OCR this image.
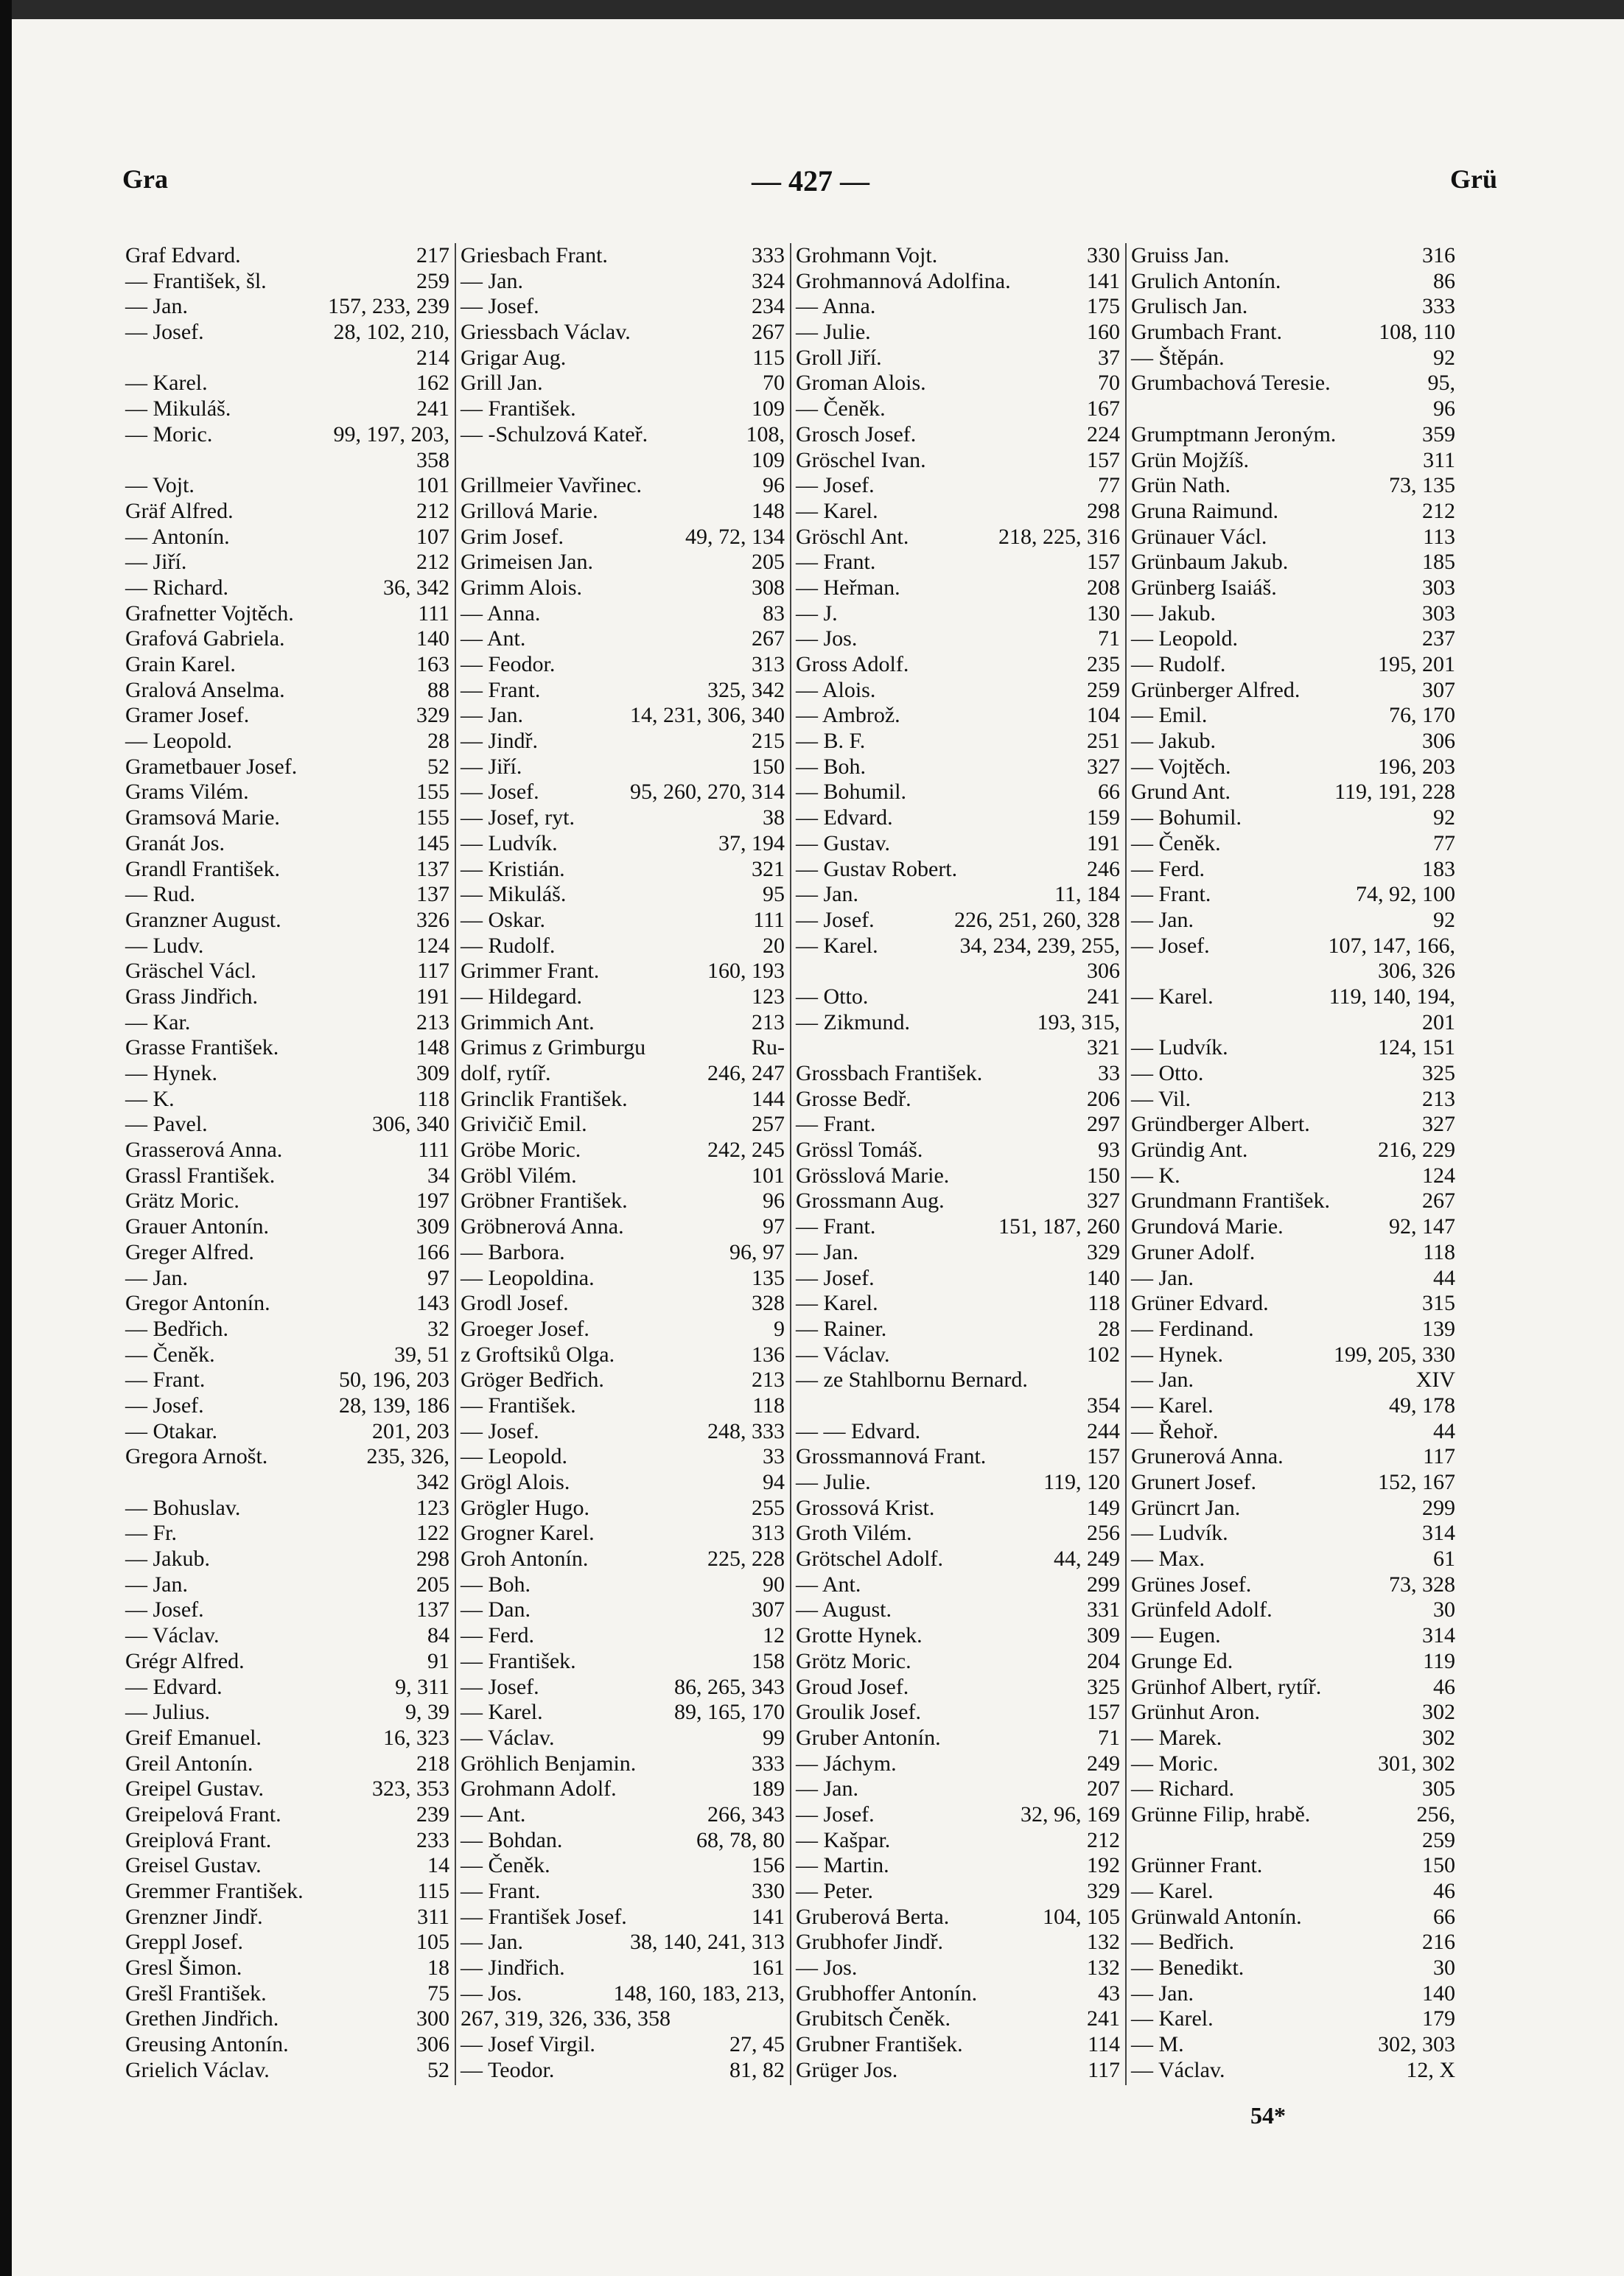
Gra	— 427 —	Grü
Graf Edvard.	217
— František, šl.	259
— Jan.	157, 233, 239
— Josef.	28, 102, 210,
214
— Karel.	162
— Mikuláš.	241
— Moric.	99, 197, 203,
358
— Vojt.	101
Gräf Alfred.	212
— Antonín.	107
— Jiří.	212
— Richard.	36, 342
Grafnetter Vojtěch.	111
Grafová Gabriela.	140
Grain Karel.	163
Gralová Anselma.	88
Gramer Josef.	329
— Leopold.	28
Grametbauer Josef.	52
Grams Vilém.	155
Gramsová Marie.	155
Granát Jos.	145
Grandl František.	137
— Rud.	137
Granzner August.	326
— Ludv.	124
Gräschel Václ.	117
Grass Jindřich.	191
— Kar.	213
Grasse František.	148
— Hynek.	309
— K.	118
— Pavel.	306, 340
Grasserová Anna.	111
Grassl František.	34
Grätz Moric.	197
Grauer Antonín.	309
Greger Alfred.	166
— Jan.	97
Gregor Antonín.	143
— Bedřich.	32
— Čeněk.	39, 51
— Frant.	50, 196, 203
— Josef.	28, 139, 186
— Otakar.	201, 203
Gregora Arnošt.	235, 326,
342
— Bohuslav.	123
— Fr.	122
— Jakub.	298
— Jan.	205
— Josef.	137
— Václav.	84
Grégr Alfred.	91
— Edvard.	9, 311
— Julius.	9, 39
Greif Emanuel.	16, 323
Greil Antonín.	218
Greipel Gustav.	323, 353
Greipelová Frant.	239
Greiplová Frant.	233
Greisel Gustav.	14
Gremmer František.	115
Grenzner Jindř.	311
Greppl Josef.	105
Gresl Šimon.	18
Grešl František.	75
Grethen Jindřich.	300
Greusing Antonín.	306
Grielich Václav.	52
Griesbach Frant.	333
— Jan.	324
— Josef.	234
Griessbach Václav.	267
Grigar Aug.	115
Grill Jan.	70
— František.	109
— -Schulzová Kateř.	108,
109
Grillmeier Vavřinec.	96
Grillová Marie.	148
Grim Josef.	49, 72, 134
Grimeisen Jan.	205
Grimm Alois.	308
— Anna.	83
— Ant.	267
— Feodor.	313
— Frant.	325, 342
— Jan.	14, 231, 306, 340
— Jindř.	215
— Jiří.	150
— Josef.	95, 260, 270, 314
— Josef, ryt.	38
— Ludvík.	37, 194
— Kristián.	321
— Mikuláš.	95
— Oskar.	111
— Rudolf.	20
Grimmer Frant.	160, 193
— Hildegard.	123
Grimmich Ant.	213
Grimus z Grimburgu	Ru-
dolf, rytíř.	246, 247
Grinclik František.	144
Grivičič Emil.	257
Gröbe Moric.	242, 245
Gröbl Vilém.	101
Gröbner František.	96
Gröbnerová Anna.	97
— Barbora.	96, 97
— Leopoldina.	135
Grodl Josef.	328
Groeger Josef.	9
z Groftsiků Olga.	136
Gröger Bedřich.	213
— František.	118
— Josef.	248, 333
— Leopold.	33
Grögl Alois.	94
Grögler Hugo.	255
Grogner Karel.	313
Groh Antonín.	225, 228
— Boh.	90
— Dan.	307
— Ferd.	12
— František.	158
— Josef.	86, 265, 343
— Karel.	89, 165, 170
— Václav.	99
Gröhlich Benjamin.	333
Grohmann Adolf.	189
— Ant.	266, 343
— Bohdan.	68, 78, 80
— Čeněk.	156
— Frant.	330
— František Josef.	141
— Jan.	38, 140, 241, 313
— Jindřich.	161
— Jos.	148, 160, 183, 213,
267, 319, 326, 336, 358
— Josef Virgil.	27, 45
— Teodor.	81, 82
Grohmann Vojt.	330
Grohmannová Adolfina.	141
— Anna.	175
— Julie.	160
Groll Jiří.	37
Groman Alois.	70
— Čeněk.	167
Grosch Josef.	224
Gröschel Ivan.	157
— Josef.	77
— Karel.	298
Gröschl Ant.	218, 225, 316
— Frant.	157
— Heřman.	208
— J.	130
— Jos.	71
Gross Adolf.	235
— Alois.	259
— Ambrož.	104
— B. F.	251
— Boh.	327
— Bohumil.	66
— Edvard.	159
— Gustav.	191
— Gustav Robert.	246
— Jan.	11, 184
— Josef.	226, 251, 260, 328
— Karel.	34, 234, 239, 255,
306
— Otto.	241
— Zikmund.	193, 315,
321
Grossbach František.	33
Grosse Bedř.	206
— Frant.	297
Grössl Tomáš.	93
Grösslová Marie.	150
Grossmann Aug.	327
— Frant.	151, 187, 260
— Jan.	329
— Josef.	140
— Karel.	118
— Rainer.	28
— Václav.	102
— ze Stahlbornu Bernard.
354
— — Edvard.	244
Grossmannová Frant.	157
— Julie.	119, 120
Grossová Krist.	149
Groth Vilém.	256
Grötschel Adolf.	44, 249
— Ant.	299
— August.	331
Grotte Hynek.	309
Grötz Moric.	204
Groud Josef.	325
Groulik Josef.	157
Gruber Antonín.	71
— Jáchym.	249
— Jan.	207
— Josef.	32, 96, 169
— Kašpar.	212
— Martin.	192
— Peter.	329
Gruberová Berta.	104, 105
Grubhofer Jindř.	132
— Jos.	132
Grubhoffer Antonín.	43
Grubitsch Čeněk.	241
Grubner František.	114
Grüger Jos.	117
Gruiss Jan.	316
Grulich Antonín.	86
Grulisch Jan.	333
Grumbach Frant.	108, 110
— Štěpán.	92
Grumbachová Teresie.	95,
96
Grumptmann Jeroným.	359
Grün Mojžíš.	311
Grün Nath.	73, 135
Gruna Raimund.	212
Grünauer Václ.	113
Grünbaum Jakub.	185
Grünberg Isaiáš.	303
— Jakub.	303
— Leopold.	237
— Rudolf.	195, 201
Grünberger Alfred.	307
— Emil.	76, 170
— Jakub.	306
— Vojtěch.	196, 203
Grund Ant.	119, 191, 228
— Bohumil.	92
— Čeněk.	77
— Ferd.	183
— Frant.	74, 92, 100
— Jan.	92
— Josef.	107, 147, 166,
306, 326
— Karel.	119, 140, 194,
201
— Ludvík.	124, 151
— Otto.	325
— Vil.	213
Gründberger Albert.	327
Gründig Ant.	216, 229
— K.	124
Grundmann František.	267
Grundová Marie.	92, 147
Gruner Adolf.	118
— Jan.	44
Grüner Edvard.	315
— Ferdinand.	139
— Hynek.	199, 205, 330
— Jan.	XIV
— Karel.	49, 178
— Řehoř.	44
Grunerová Anna.	117
Grunert Josef.	152, 167
Grüncrt Jan.	299
— Ludvík.	314
— Max.	61
Grünes Josef.	73, 328
Grünfeld Adolf.	30
— Eugen.	314
Grunge Ed.	119
Grünhof Albert, rytíř.	46
Grünhut Aron.	302
— Marek.	302
— Moric.	301, 302
— Richard.	305
Grünne Filip, hrabě.	256,
259
Grünner Frant.	150
— Karel.	46
Grünwald Antonín.	66
— Bedřich.	216
— Benedikt.	30
— Jan.	140
— Karel.	179
— M.	302, 303
— Václav.	12, X
54*
